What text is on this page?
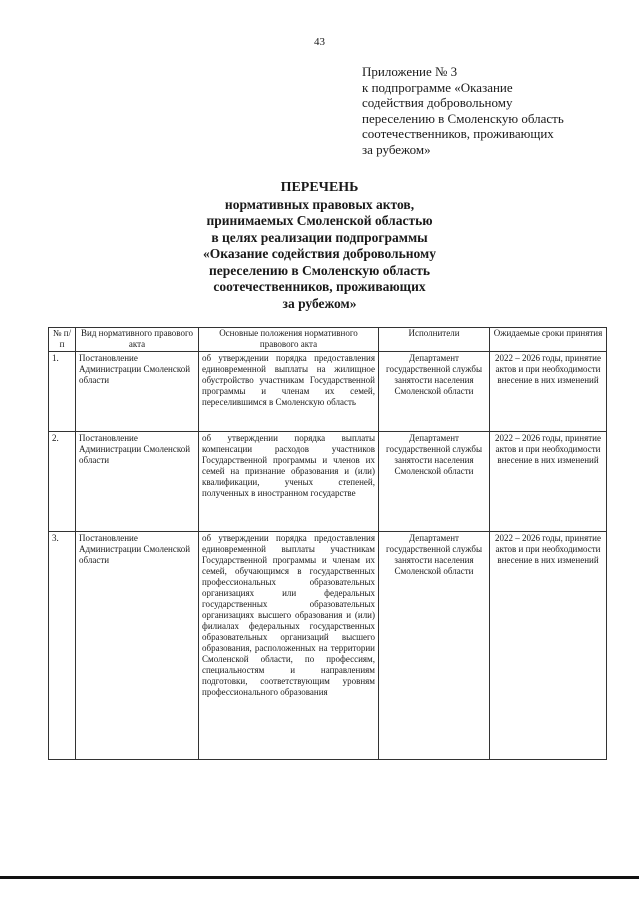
43
Приложение № 3
к подпрограмме «Оказание
содействия добровольному
переселению в Смоленскую область
соотечественников, проживающих
за рубежом»
ПЕРЕЧЕНЬ
нормативных правовых актов,
принимаемых Смоленской областью
в целях реализации подпрограммы
«Оказание содействия добровольному
переселению в Смоленскую область
соотечественников, проживающих
за рубежом»
№ п/п	Вид нормативного правового акта	Основные положения нормативного правового акта	Исполнители	Ожидаемые сроки принятия
1.	Постановление Администрации Смоленской области	об утверждении порядка предоставления единовременной выплаты на жилищное обустройство участникам Государственной программы и членам их семей, переселившимся в Смоленскую область	Департамент государственной службы занятости населения Смоленской области	2022 – 2026 годы, принятие актов и при необходимости внесение в них изменений
2.	Постановление Администрации Смоленской области	об утверждении порядка выплаты компенсации расходов участников Государственной программы и членов их семей на признание образования и (или) квалификации, ученых степеней, полученных в иностранном государстве	Департамент государственной службы занятости населения Смоленской области	2022 – 2026 годы, принятие актов и при необходимости внесение в них изменений
3.	Постановление Администрации Смоленской области	об утверждении порядка предоставления единовременной выплаты участникам Государственной программы и членам их семей, обучающимся в государственных профессиональных образовательных организациях или федеральных государственных образовательных организациях высшего образования и (или) филиалах федеральных государственных образовательных организаций высшего образования, расположенных на территории Смоленской области, по профессиям, специальностям и направлениям подготовки, соответствующим уровням профессионального образования	Департамент государственной службы занятости населения Смоленской области	2022 – 2026 годы, принятие актов и при необходимости внесение в них изменений
